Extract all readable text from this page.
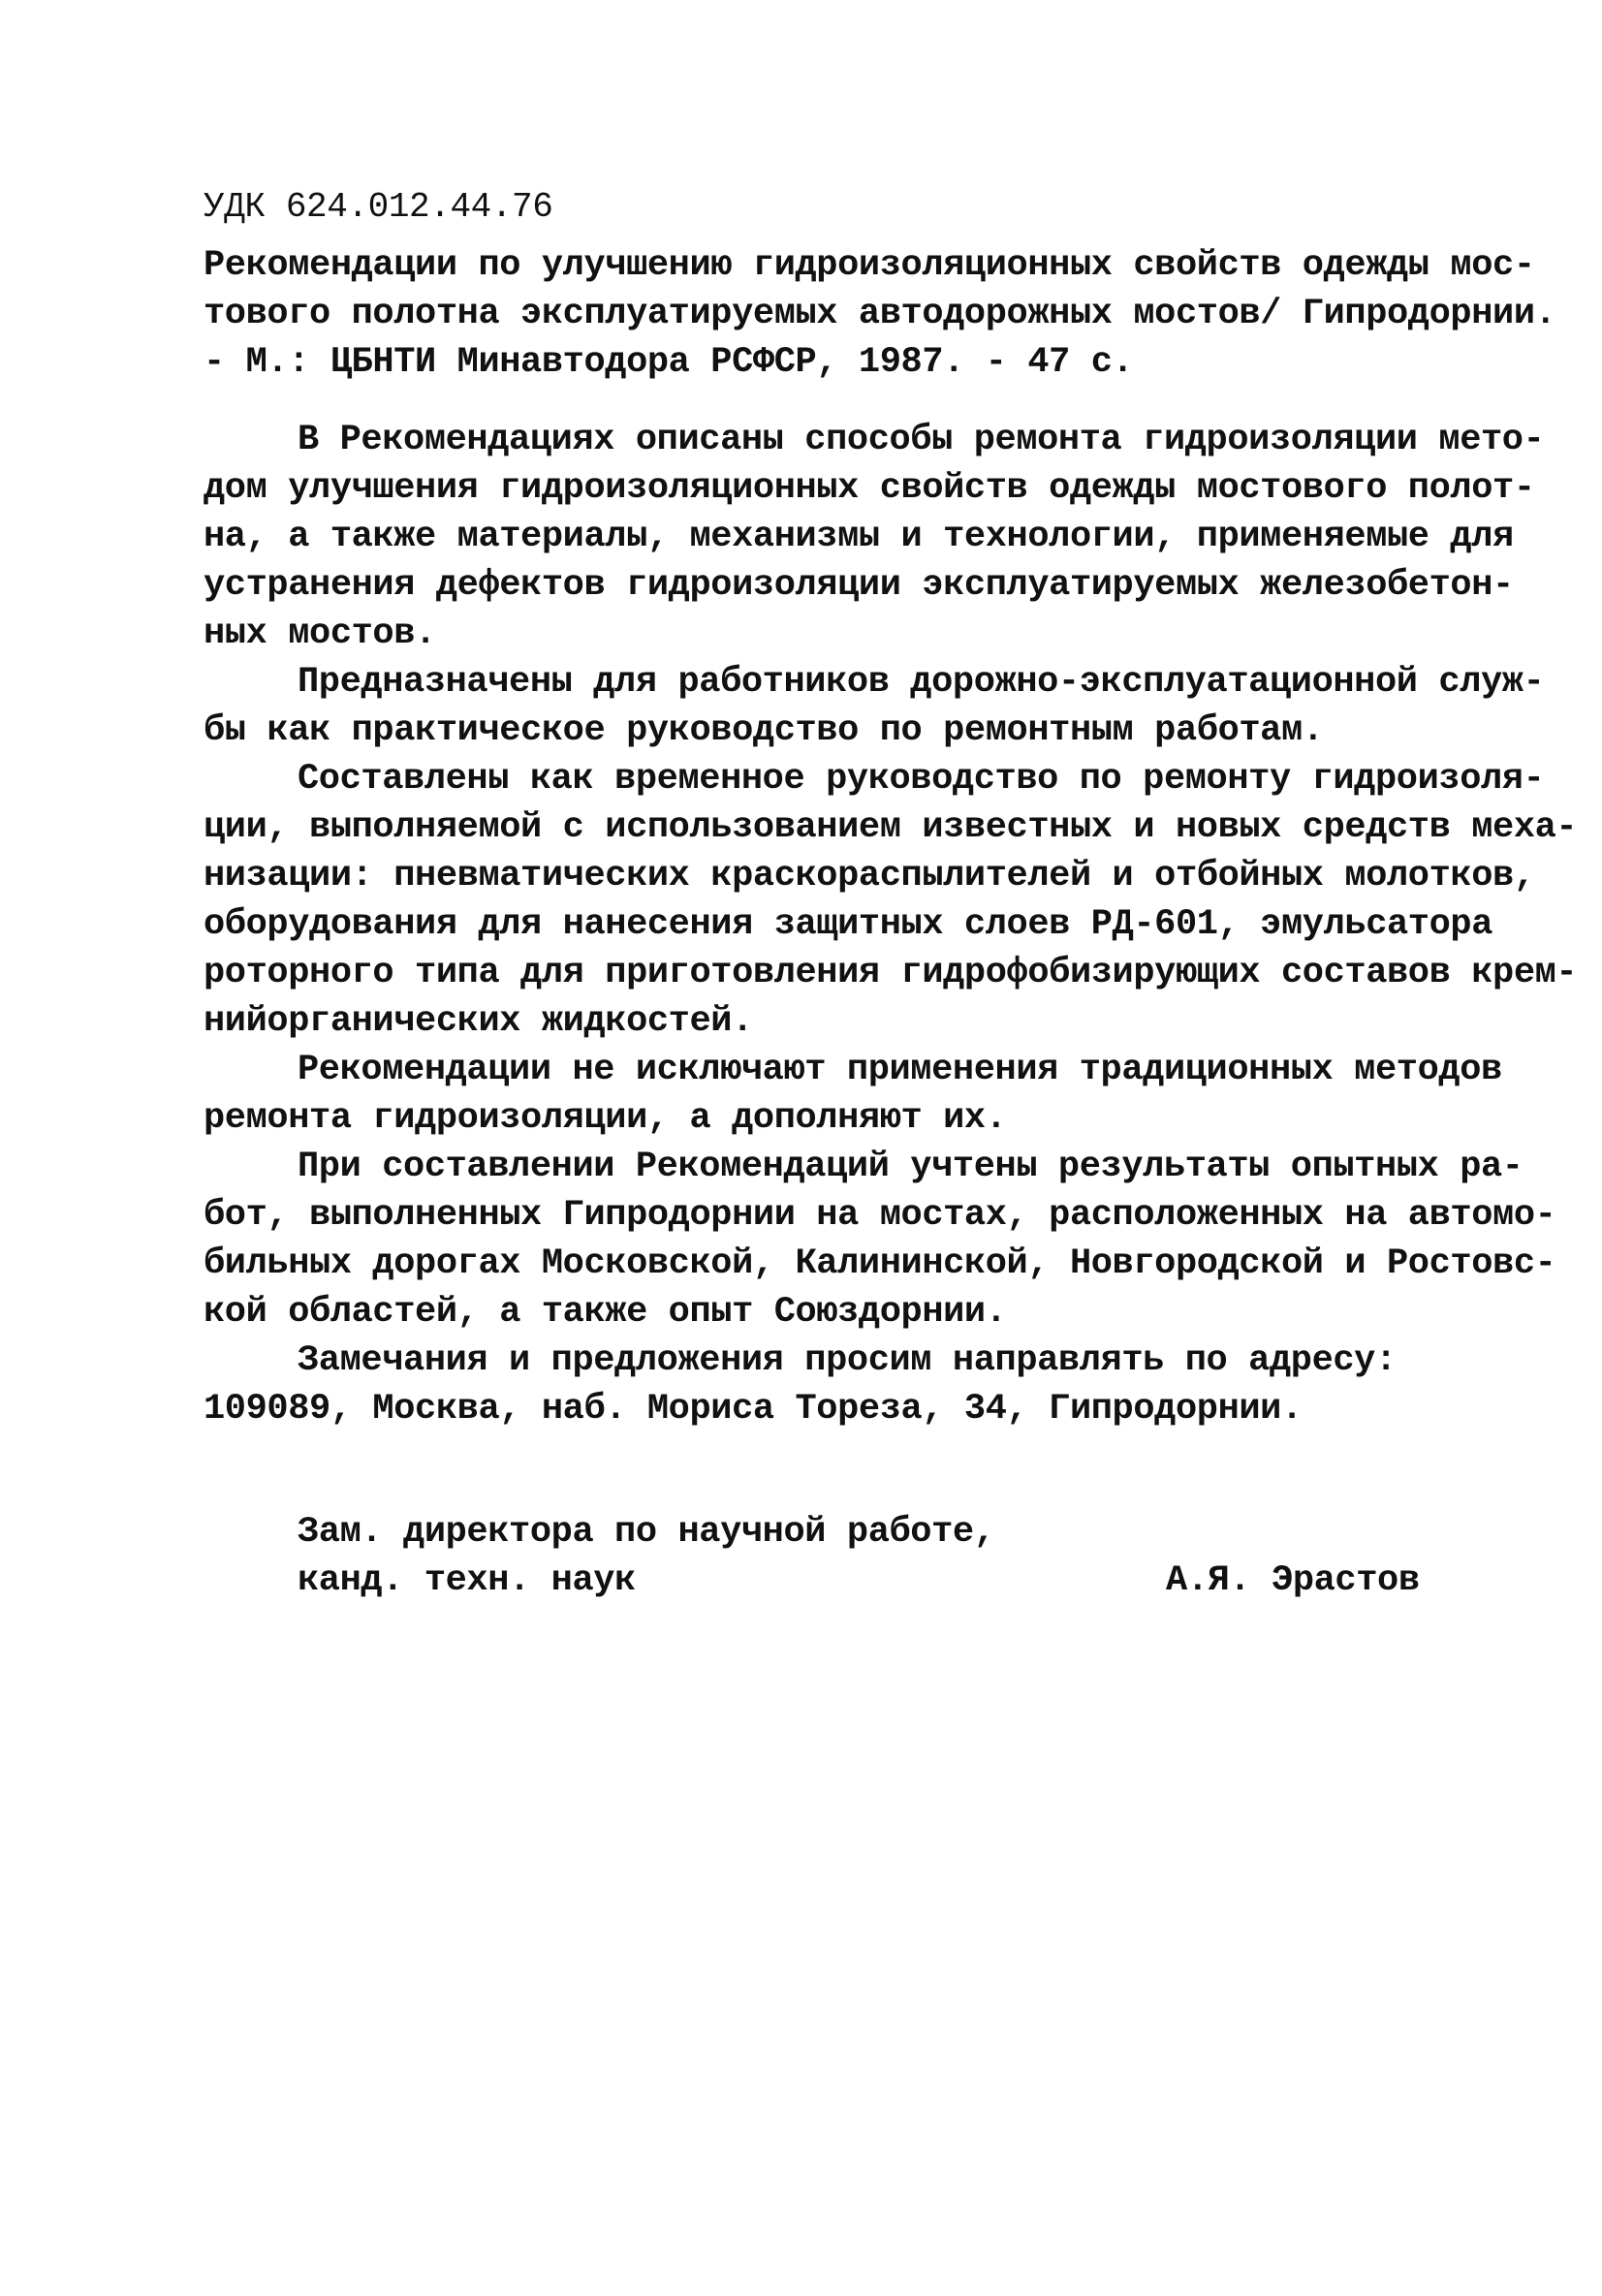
УДК 624.012.44.76
Рекомендации по улучшению гидроизоляционных свойств одежды мос-
тового полотна эксплуатируемых автодорожных мостов/ Гипродорнии.
- М.: ЦБНТИ Минавтодора РСФСР, 1987. - 47 с.
В Рекомендациях описаны способы ремонта гидроизоляции мето-
дом улучшения гидроизоляционных свойств одежды мостового полот-
на, а также материалы, механизмы и технологии, применяемые для
устранения дефектов гидроизоляции эксплуатируемых железобетон-
ных мостов.
Предназначены для работников дорожно-эксплуатационной служ-
бы как практическое руководство по ремонтным работам.
Составлены как временное руководство по ремонту гидроизоля-
ции, выполняемой с использованием известных и новых средств меха-
низации: пневматических краскораспылителей и отбойных молотков,
оборудования для нанесения защитных слоев РД-601, эмульсатора
роторного типа для приготовления гидрофобизирующих составов крем-
нийорганических жидкостей.
Рекомендации не исключают применения традиционных методов
ремонта гидроизоляции, а дополняют их.
При составлении Рекомендаций учтены результаты опытных ра-
бот, выполненных Гипродорнии на мостах, расположенных на автомо-
бильных дорогах Московской, Калининской, Новгородской и Ростовс-
кой областей, а также опыт Союздорнии.
Замечания и предложения просим направлять по адресу:
109089, Москва, наб. Мориса Тореза, 34, Гипродорнии.
Зам. директора по научной работе,
канд. техн. наук	А.Я. Эрастов
